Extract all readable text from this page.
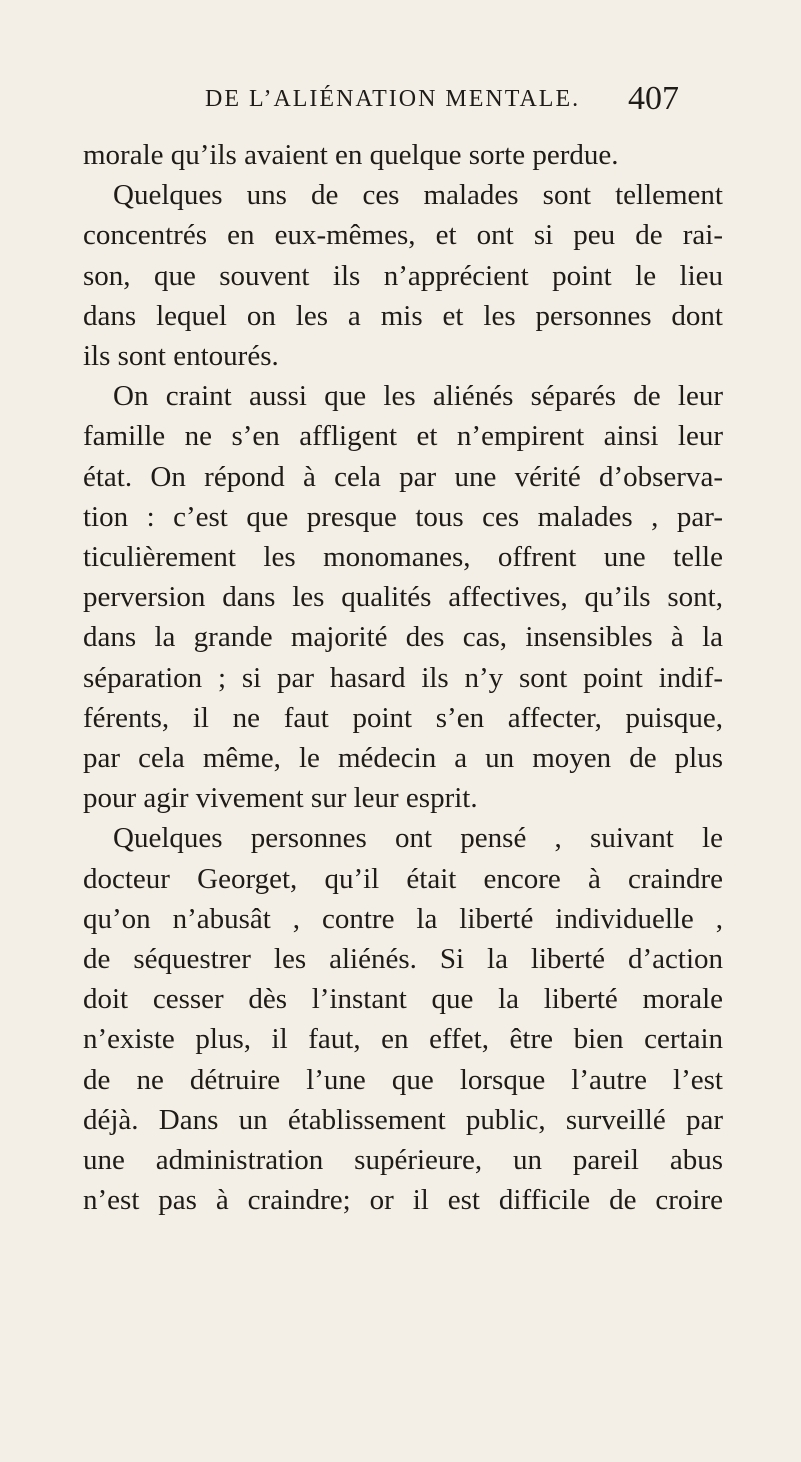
DE L’ALIÉNATION MENTALE. 407
morale qu’ils avaient en quelque sorte perdue.
Quelques uns de ces malades sont tellement
concentrés en eux-mêmes, et ont si peu de rai-
son, que souvent ils n’apprécient point le lieu
dans lequel on les a mis et les personnes dont
ils sont entourés.
On craint aussi que les aliénés séparés de leur
famille ne s’en affligent et n’empirent ainsi leur
état. On répond à cela par une vérité d’observa-
tion : c’est que presque tous ces malades , par-
ticulièrement les monomanes, offrent une telle
perversion dans les qualités affectives, qu’ils sont,
dans la grande majorité des cas, insensibles à la
séparation ; si par hasard ils n’y sont point indif-
férents, il ne faut point s’en affecter, puisque,
par cela même, le médecin a un moyen de plus
pour agir vivement sur leur esprit.
Quelques personnes ont pensé , suivant le
docteur Georget, qu’il était encore à craindre
qu’on n’abusât , contre la liberté individuelle ,
de séquestrer les aliénés. Si la liberté d’action
doit cesser dès l’instant que la liberté morale
n’existe plus, il faut, en effet, être bien certain
de ne détruire l’une que lorsque l’autre l’est
déjà. Dans un établissement public, surveillé par
une administration supérieure, un pareil abus
n’est pas à craindre; or il est difficile de croire
